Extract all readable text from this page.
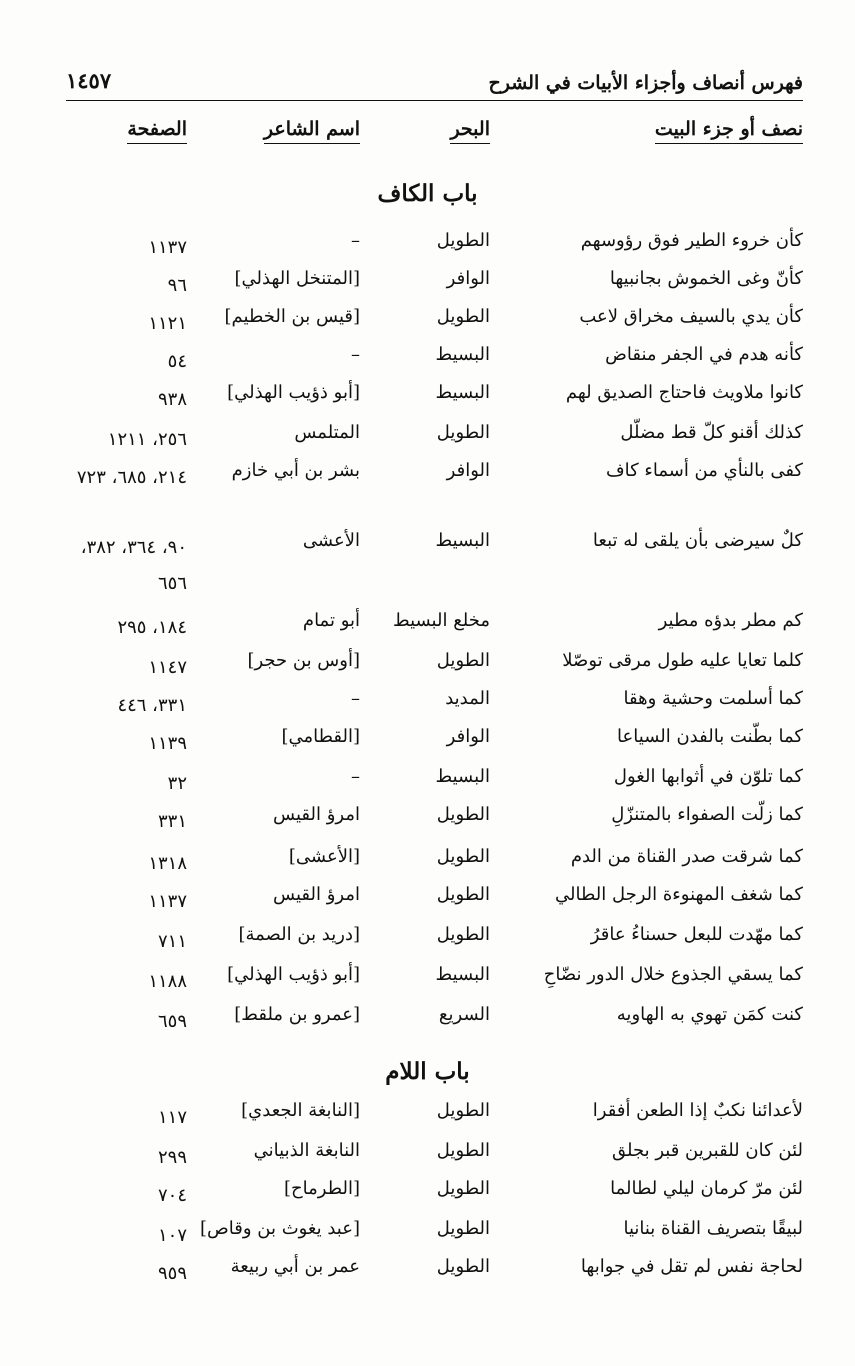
فهرس أنصاف وأجزاء الأبيات في الشرح
١٤٥٧
نصف أو جزء البيت
البحر
اسم الشاعر
الصفحة
باب الكاف
باب اللام
كأن خروء الطير فوق رؤوسهم
الطويل
–
١١٣٧
كأنّ وغى الخموش بجانبيها
الوافر
[المتنخل الهذلي]
٩٦
كأن يدي بالسيف مخراق لاعب
الطويل
[قيس بن الخطيم]
١١٢١
كأنه هدم في الجفر منقاض
البسيط
–
٥٤
كانوا ملاويث فاحتاج الصديق لهم
البسيط
[أبو ذؤيب الهذلي]
٩٣٨
كذلك أقنو كلّ قط مضلّل
الطويل
المتلمس
٢٥٦، ١٢١١
كفى بالنأي من أسماء كاف
الوافر
بشر بن أبي خازم
٢١٤، ٦٨٥، ٧٢٣
كلٌ سيرضى بأن يلقى له تبعا
البسيط
الأعشى
٩٠، ٣٦٤، ٣٨٢، ٦٥٦
كم مطر بدؤه مطير
مخلع البسيط
أبو تمام
١٨٤، ٢٩٥
كلما تعايا عليه طول مرقى توصّلا
الطويل
[أوس بن حجر]
١١٤٧
كما أسلمت وحشية وهقا
المديد
–
٣٣١، ٤٤٦
كما بطّنت بالفدن السياعا
الوافر
[القطامي]
١١٣٩
كما تلوّن في أثوابها الغول
البسيط
–
٣٢
كما زلّت الصفواء بالمتنزّلِ
الطويل
امرؤ القيس
٣٣١
كما شرقت صدر القناة من الدم
الطويل
[الأعشى]
١٣١٨
كما شغف المهنوءة الرجل الطالي
الطويل
امرؤ القيس
١١٣٧
كما مهّدت للبعل حسناءُ عاقرُ
الطويل
[دريد بن الصمة]
٧١١
كما يسقي الجذوع خلال الدور نضّاحِ
البسيط
[أبو ذؤيب الهذلي]
١١٨٨
كنت كمَن تهوي به الهاويه
السريع
[عمرو بن ملقط]
٦٥٩
لأعدائنا نكبٌ إذا الطعن أفقرا
الطويل
[النابغة الجعدي]
١١٧
لئن كان للقبرين قبر بجلق
الطويل
النابغة الذبياني
٢٩٩
لئن مرّ كرمان ليلي لطالما
الطويل
[الطرماح]
٧٠٤
لبيقًا بتصريف القناة بنانيا
الطويل
[عبد يغوث بن وقاص]
١٠٧
لحاجة نفس لم تقل في جوابها
الطويل
عمر بن أبي ربيعة
٩٥٩
